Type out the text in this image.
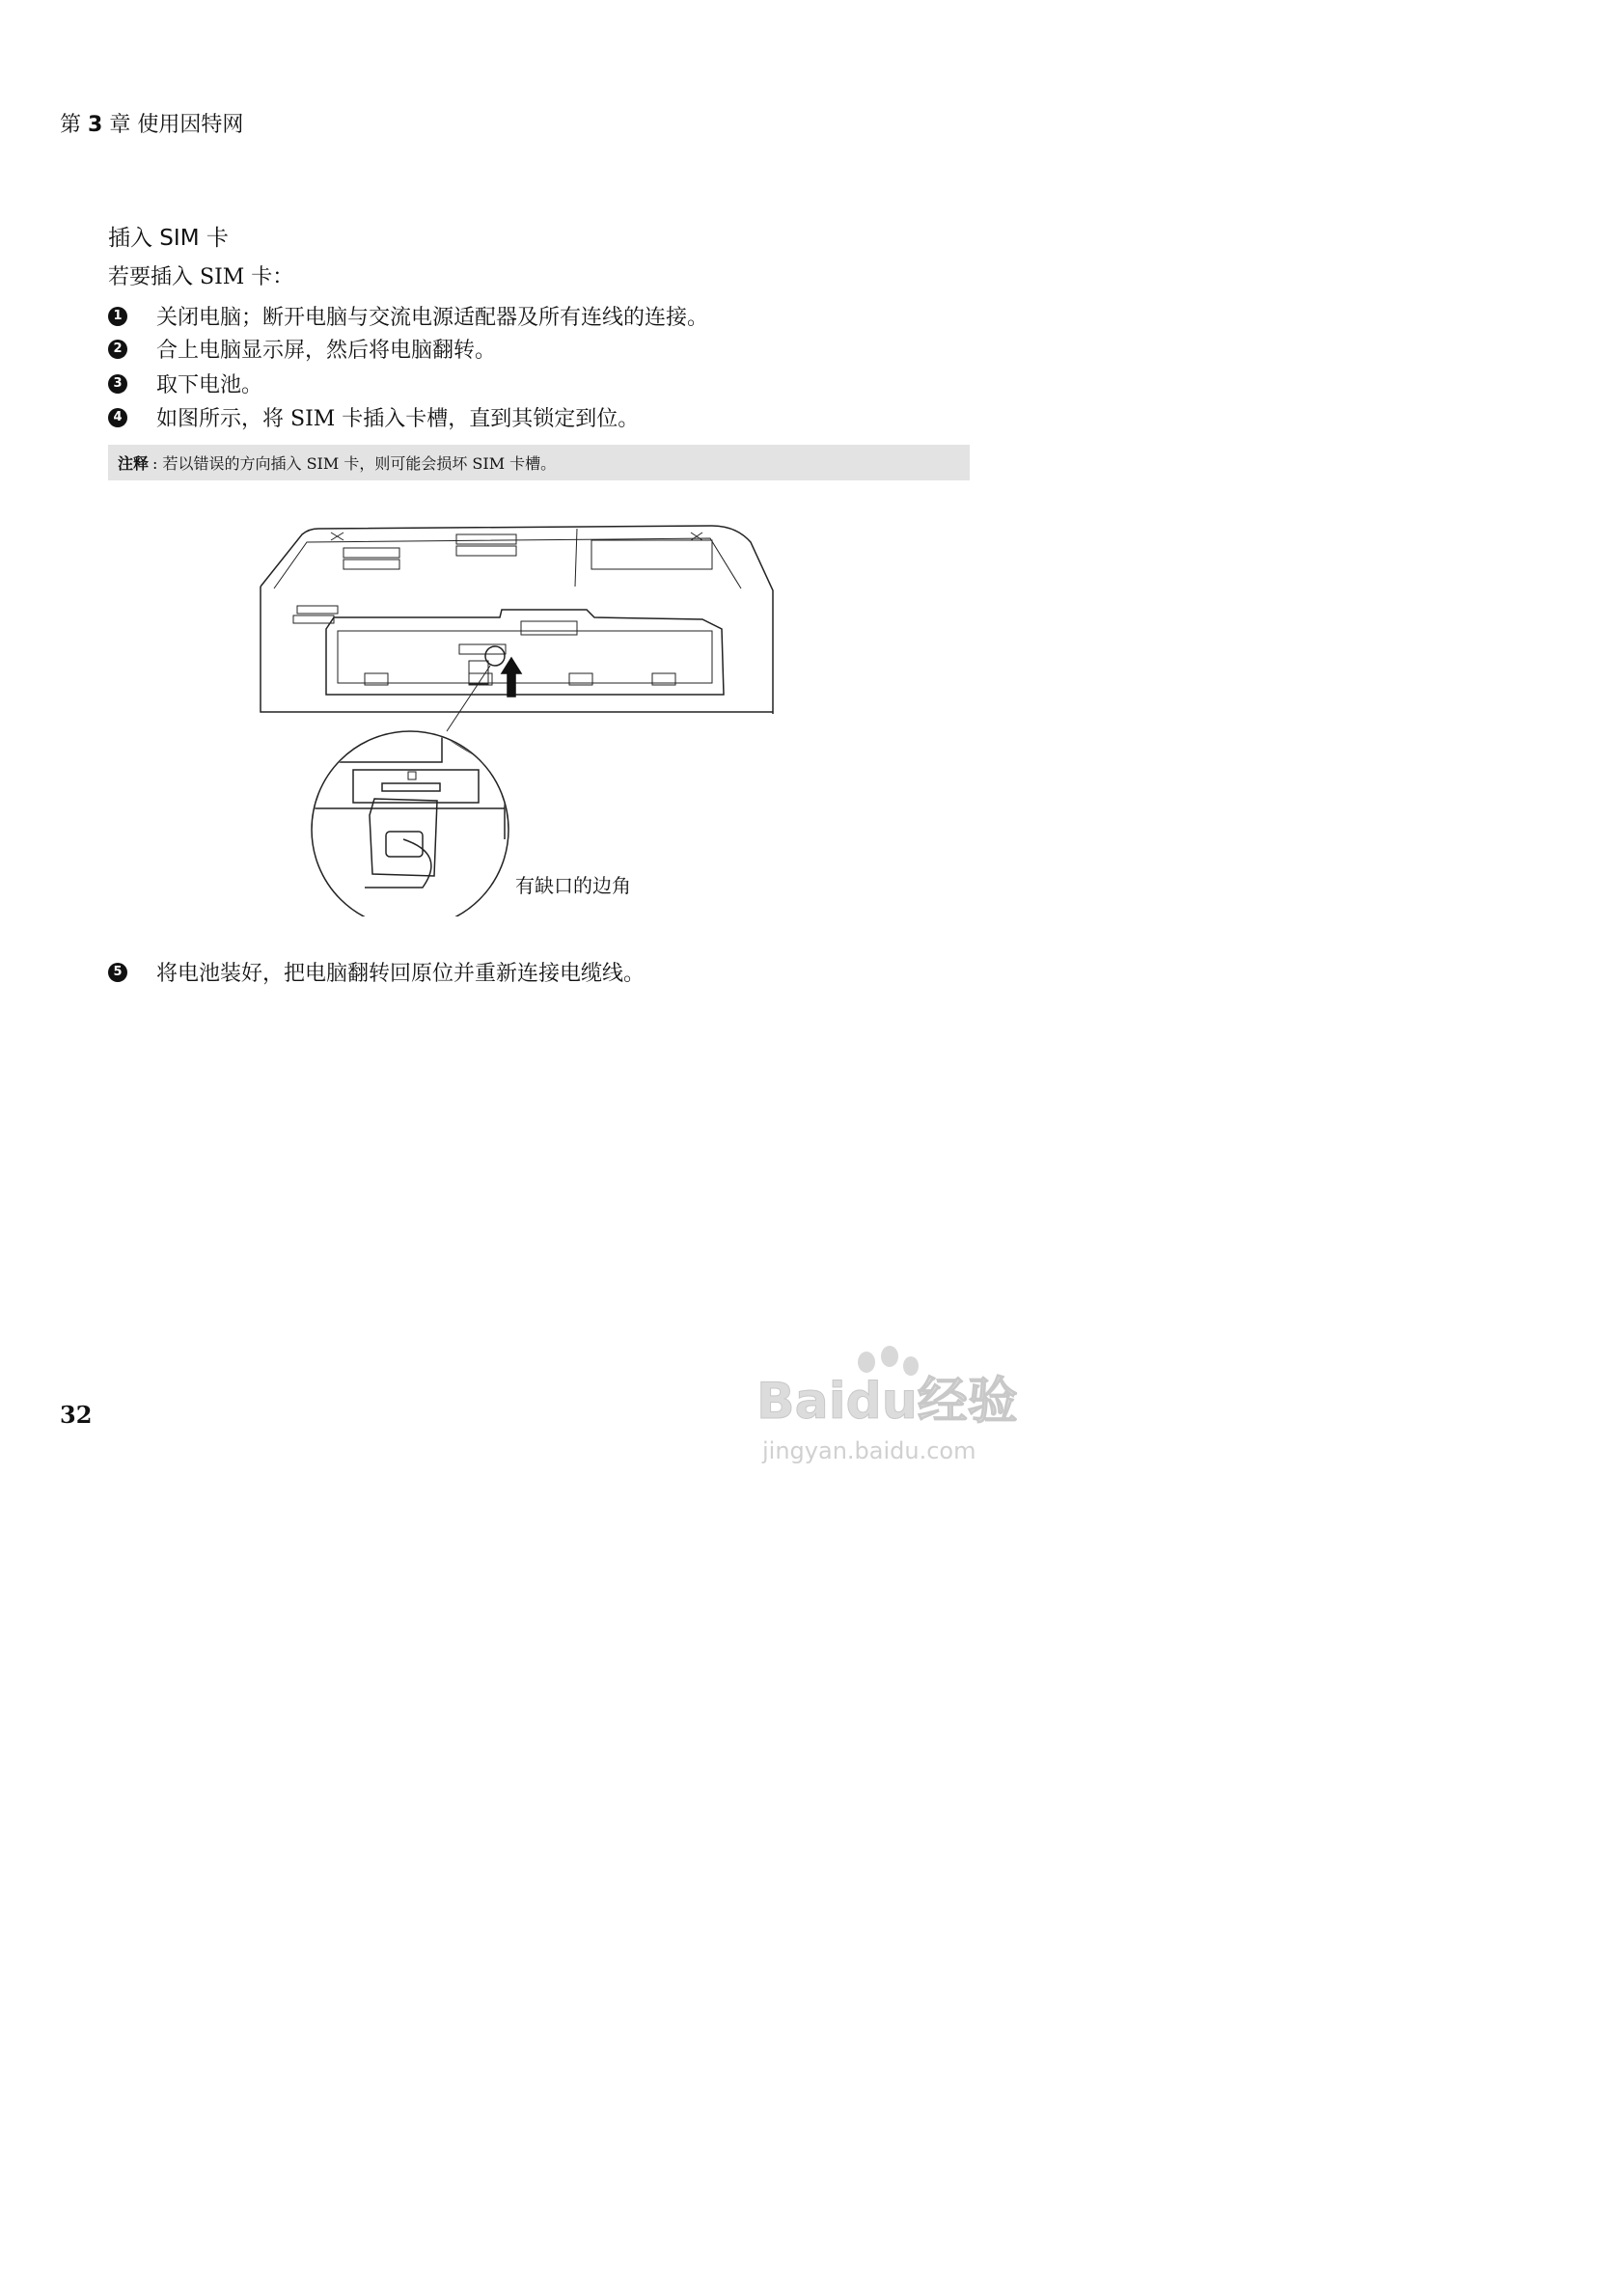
第 3 章 使用因特网
插入 SIM 卡
若要插入 SIM 卡：
1 关闭电脑；断开电脑与交流电源适配器及所有连线的连接。
2 合上电脑显示屏，然后将电脑翻转。
3 取下电池。
4 如图所示，将 SIM 卡插入卡槽，直到其锁定到位。
注释 : 若以错误的方向插入 SIM 卡，则可能会损坏 SIM 卡槽。
有缺口的边角
5 将电池装好，把电脑翻转回原位并重新连接电缆线。
32	Baidu经验
jingyan.baidu.com
